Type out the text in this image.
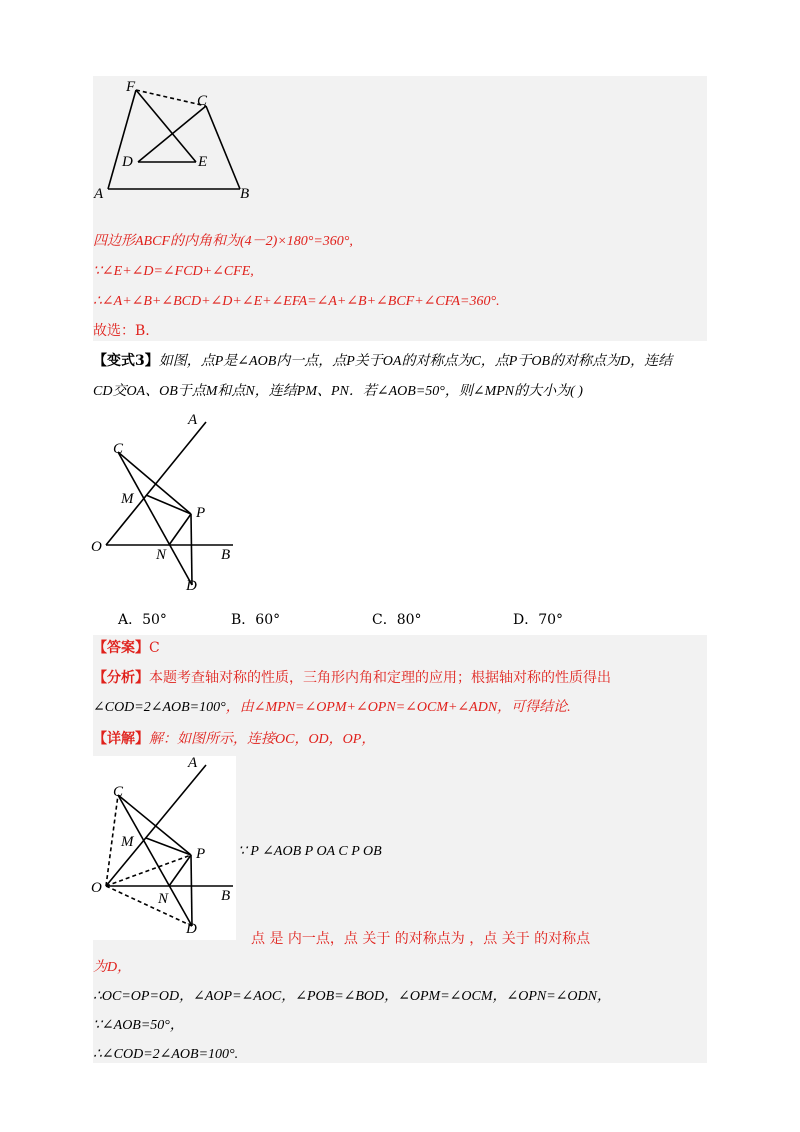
F
C
D	E
A	B
四边形ABCF的内角和为(4－2)×180°=360°,
∵∠E+∠D=∠FCD+∠CFE,
∴∠A+∠B+∠BCD+∠D+∠E+∠EFA=∠A+∠B+∠BCF+∠CFA=360°.
故选：B.
【变式3】如图，点P是∠AOB内一点，点P关于OA的对称点为C，点P于OB的对称点为D，连结
CD交OA、OB于点M和点N，连结PM、PN．若∠AOB=50°，则∠MPN的大小为( )
A
C
M
P
O	N	B
D
A．50°	B．60°	C．80°	D．70°
【答案】C
【分析】本题考查轴对称的性质，三角形内角和定理的应用；根据轴对称的性质得出
∠COD=2∠AOB=100°，由∠MPN=∠OPM+∠OPN=∠OCM+∠ADN，可得结论.
【详解】解：如图所示，连接OC，OD，OP，
A
C
M
P
O
N	B
D
∵ P ∠AOB P OA C P OB
点 是 内一点，点 关于 的对称点为 ，点 关于 的对称点
为D，
∴OC=OP=OD，∠AOP=∠AOC，∠POB=∠BOD，∠OPM=∠OCM，∠OPN=∠ODN，
∵∠AOB=50°，
∴∠COD=2∠AOB=100°.
